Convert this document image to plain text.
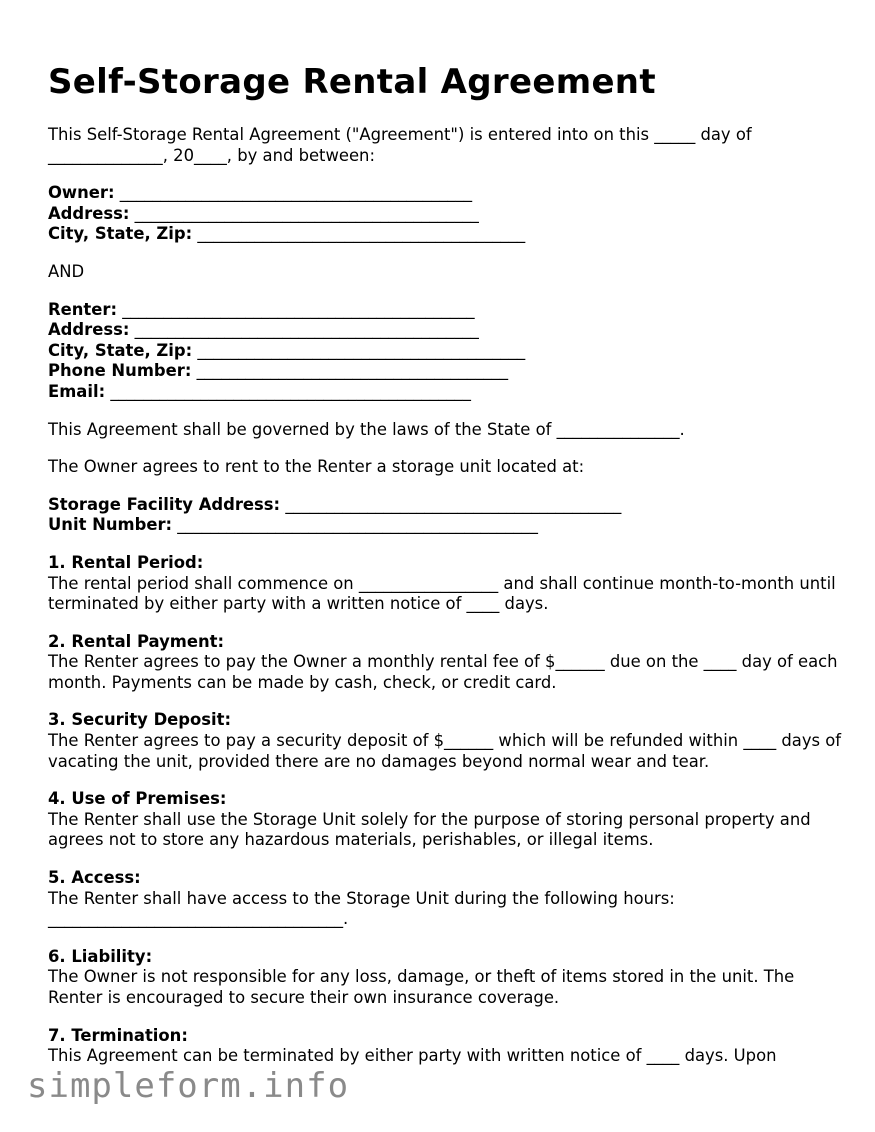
Self-Storage Rental Agreement

This Self-Storage Rental Agreement ("Agreement") is entered into on this _____ day of ______________, 20____, by and between:

Owner: ___________________________________________

Address: __________________________________________

City, State, Zip: ________________________________________

AND

Renter: ___________________________________________

Address: __________________________________________

City, State, Zip: ________________________________________

Phone Number: ______________________________________

Email: ____________________________________________

This Agreement shall be governed by the laws of the State of _______________.

The Owner agrees to rent to the Renter a storage unit located at:

Storage Facility Address: _________________________________________

Unit Number: ____________________________________________

1. Rental Period:

The rental period shall commence on _________________ and shall continue month-to-month until terminated by either party with a written notice of ____ days.

2. Rental Payment:

The Renter agrees to pay the Owner a monthly rental fee of $______ due on the ____ day of each month. Payments can be made by cash, check, or credit card.

3. Security Deposit:

The Renter agrees to pay a security deposit of $______ which will be refunded within ____ days of vacating the unit, provided there are no damages beyond normal wear and tear.

4. Use of Premises:

The Renter shall use the Storage Unit solely for the purpose of storing personal property and agrees not to store any hazardous materials, perishables, or illegal items.

5. Access:

The Renter shall have access to the Storage Unit during the following hours: ____________________________________.

6. Liability:

The Owner is not responsible for any loss, damage, or theft of items stored in the unit. The Renter is encouraged to secure their own insurance coverage.

7. Termination:

This Agreement can be terminated by either party with written notice of ____ days. Upon

simpleform.info
